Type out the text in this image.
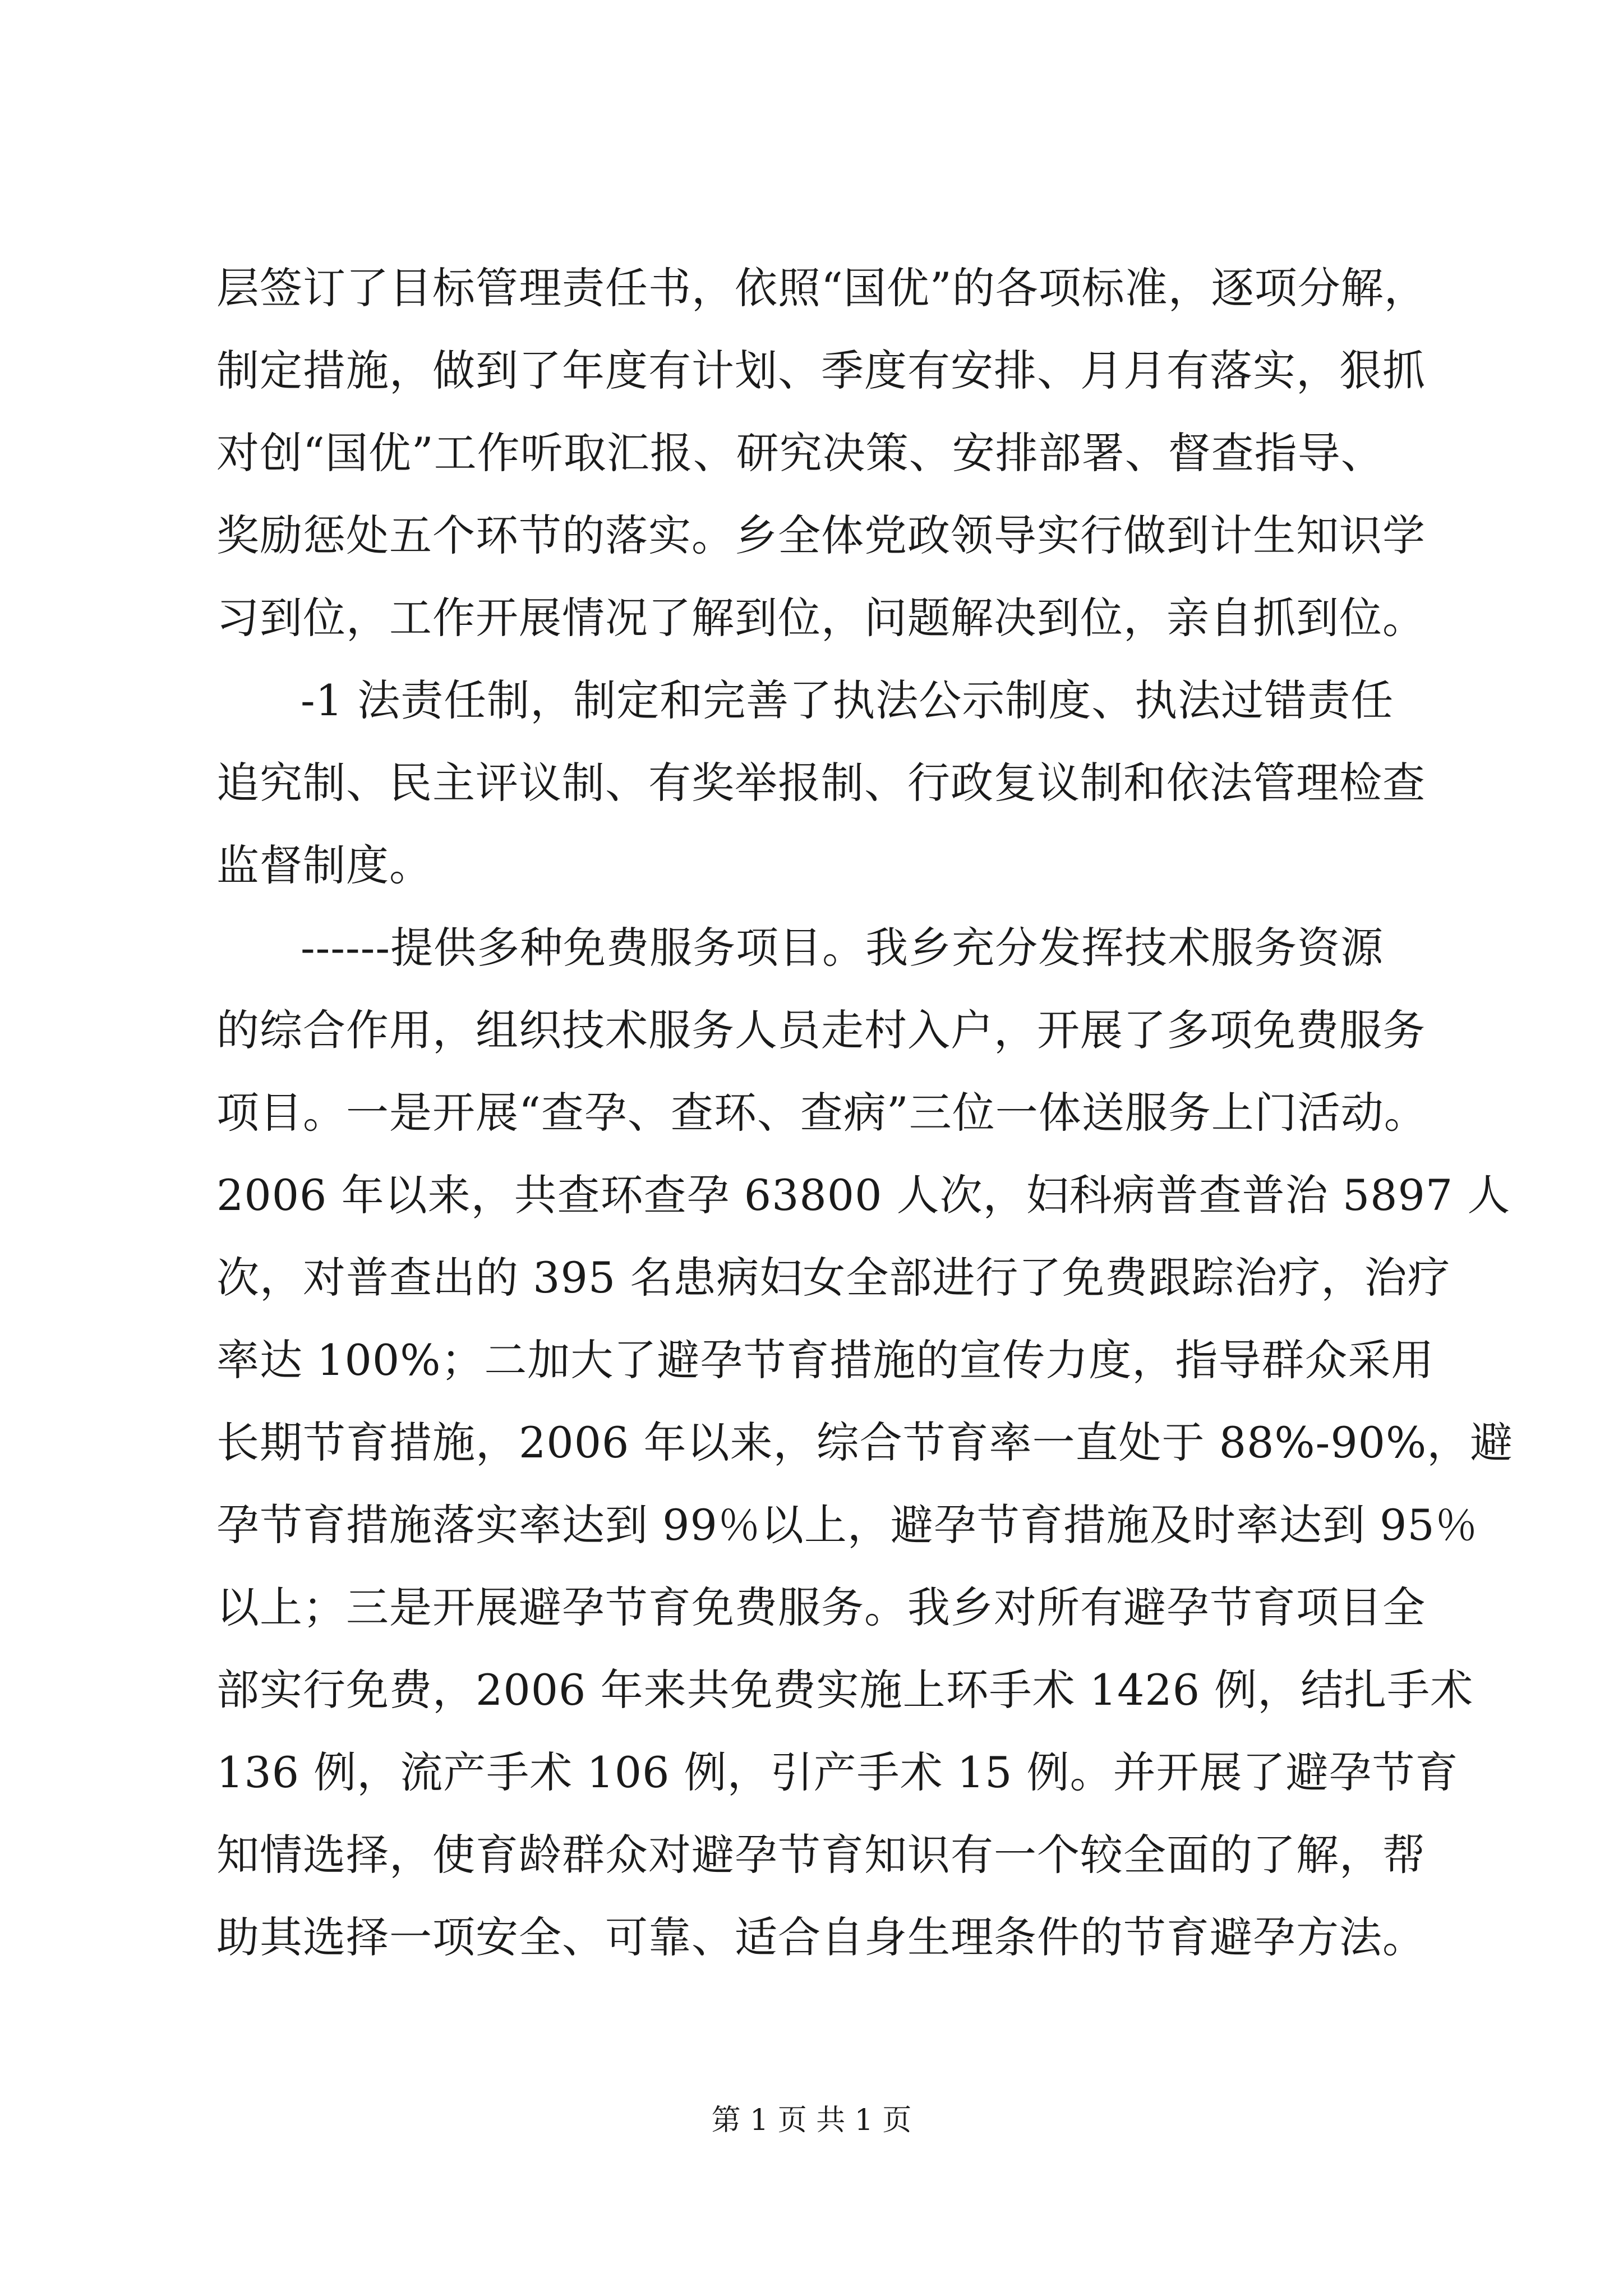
层签订了目标管理责任书，依照“国优”的各项标准，逐项分解，
制定措施，做到了年度有计划、季度有安排、月月有落实，狠抓
对创“国优”工作听取汇报、研究决策、安排部署、督查指导、
奖励惩处五个环节的落实。乡全体党政领导实行做到计生知识学
习到位，工作开展情况了解到位，问题解决到位，亲自抓到位。
-1 法责任制，制定和完善了执法公示制度、执法过错责任
追究制、民主评议制、有奖举报制、行政复议制和依法管理检查
监督制度。
------提供多种免费服务项目。我乡充分发挥技术服务资源
的综合作用，组织技术服务人员走村入户，开展了多项免费服务
项目。一是开展“查孕、查环、查病”三位一体送服务上门活动。
2006 年以来，共查环查孕 63800 人次，妇科病普查普治 5897 人
次，对普查出的 395 名患病妇女全部进行了免费跟踪治疗，治疗
率达 100%；二加大了避孕节育措施的宣传力度，指导群众采用
长期节育措施，2006 年以来，综合节育率一直处于 88%-90%，避
孕节育措施落实率达到 99％以上，避孕节育措施及时率达到 95％
以上；三是开展避孕节育免费服务。我乡对所有避孕节育项目全
部实行免费，2006 年来共免费实施上环手术 1426 例，结扎手术
136 例，流产手术 106 例，引产手术 15 例。并开展了避孕节育
知情选择，使育龄群众对避孕节育知识有一个较全面的了解，帮
助其选择一项安全、可靠、适合自身生理条件的节育避孕方法。
第 1 页 共 1 页
